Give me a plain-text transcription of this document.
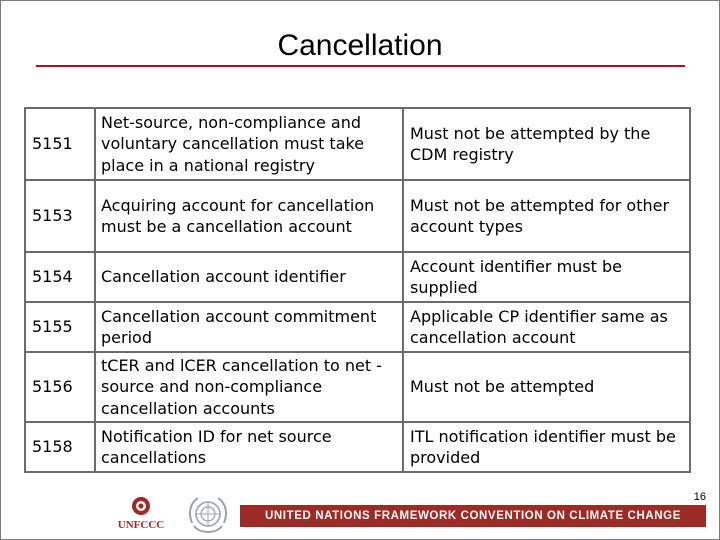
Cancellation
5151	Net-source, non-compliance and voluntary cancellation must take place in a national registry	Must not be attempted by the CDM registry
5153	Acquiring account for cancellation must be a cancellation account	Must not be attempted for other account types
5154	Cancellation account identifier	Account identifier must be supplied
5155	Cancellation account commitment period	Applicable CP identifier same as cancellation account
5156	tCER and lCER cancellation to net -source and non-compliance cancellation accounts	Must not be attempted
5158	Notification ID for net source cancellations	ITL notification identifier must be provided
16
UNFCCC
UNITED NATIONS FRAMEWORK CONVENTION ON CLIMATE CHANGE
